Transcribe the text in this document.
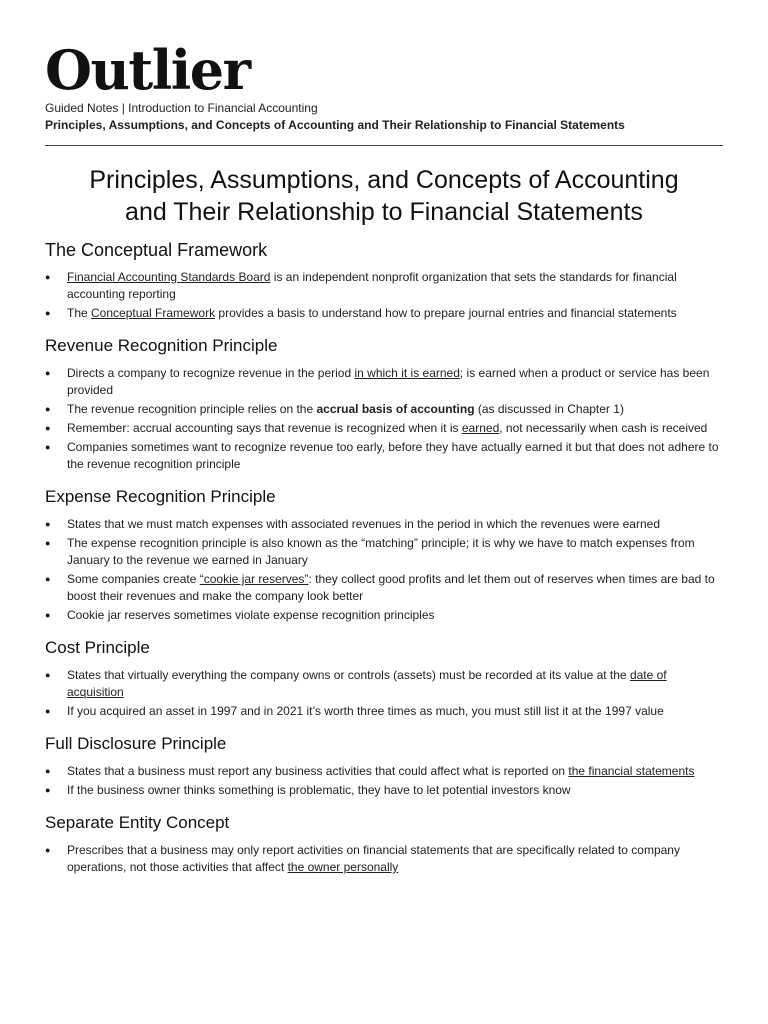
Outlier
Guided Notes | Introduction to Financial Accounting
Principles, Assumptions, and Concepts of Accounting and Their Relationship to Financial Statements
Principles, Assumptions, and Concepts of Accounting
and Their Relationship to Financial Statements
The Conceptual Framework
● Financial Accounting Standards Board is an independent nonprofit organization that sets the standards for financial accounting reporting
● The Conceptual Framework provides a basis to understand how to prepare journal entries and financial statements
Revenue Recognition Principle
● Directs a company to recognize revenue in the period in which it is earned; is earned when a product or service has been provided
● The revenue recognition principle relies on the accrual basis of accounting (as discussed in Chapter 1)
● Remember: accrual accounting says that revenue is recognized when it is earned, not necessarily when cash is received
● Companies sometimes want to recognize revenue too early, before they have actually earned it but that does not adhere to the revenue recognition principle
Expense Recognition Principle
● States that we must match expenses with associated revenues in the period in which the revenues were earned
● The expense recognition principle is also known as the “matching” principle; it is why we have to match expenses from January to the revenue we earned in January
● Some companies create “cookie jar reserves”: they collect good profits and let them out of reserves when times are bad to boost their revenues and make the company look better
● Cookie jar reserves sometimes violate expense recognition principles
Cost Principle
● States that virtually everything the company owns or controls (assets) must be recorded at its value at the date of acquisition
● If you acquired an asset in 1997 and in 2021 it’s worth three times as much, you must still list it at the 1997 value
Full Disclosure Principle
● States that a business must report any business activities that could affect what is reported on the financial statements
● If the business owner thinks something is problematic, they have to let potential investors know
Separate Entity Concept
● Prescribes that a business may only report activities on financial statements that are specifically related to company operations, not those activities that affect the owner personally
